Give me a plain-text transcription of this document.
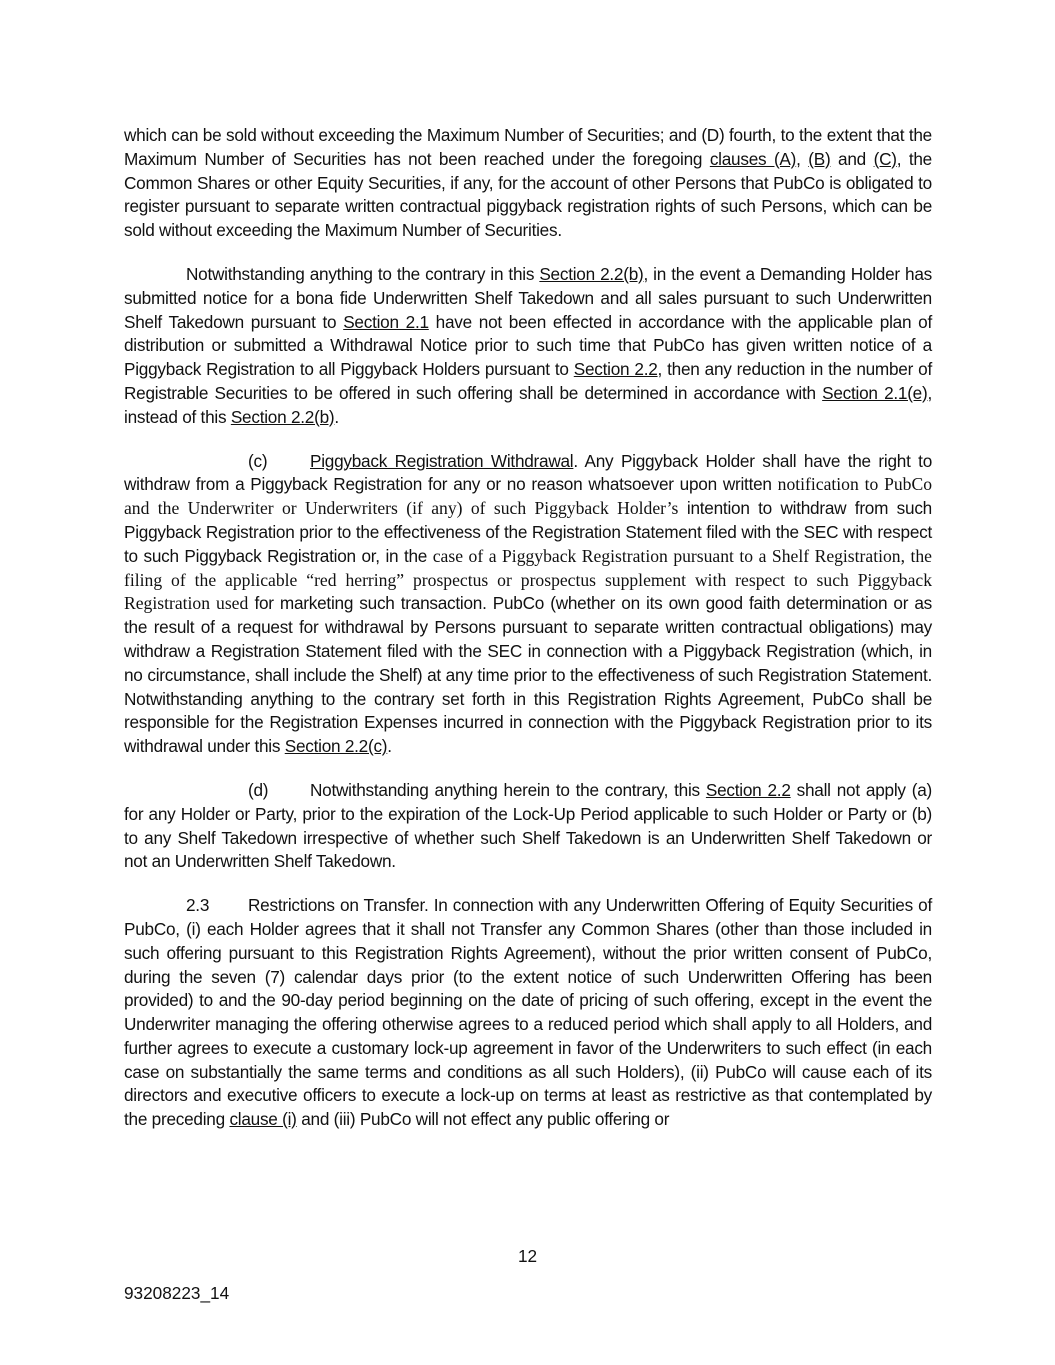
which can be sold without exceeding the Maximum Number of Securities; and (D) fourth, to the extent that the Maximum Number of Securities has not been reached under the foregoing clauses (A), (B) and (C), the Common Shares or other Equity Securities, if any, for the account of other Persons that PubCo is obligated to register pursuant to separate written contractual piggyback registration rights of such Persons, which can be sold without exceeding the Maximum Number of Securities.

Notwithstanding anything to the contrary in this Section 2.2(b), in the event a Demanding Holder has submitted notice for a bona fide Underwritten Shelf Takedown and all sales pursuant to such Underwritten Shelf Takedown pursuant to Section 2.1 have not been effected in accordance with the applicable plan of distribution or submitted a Withdrawal Notice prior to such time that PubCo has given written notice of a Piggyback Registration to all Piggyback Holders pursuant to Section 2.2, then any reduction in the number of Registrable Securities to be offered in such offering shall be determined in accordance with Section 2.1(e), instead of this Section 2.2(b).

(c) Piggyback Registration Withdrawal. Any Piggyback Holder shall have the right to withdraw from a Piggyback Registration for any or no reason whatsoever upon written notification to PubCo and the Underwriter or Underwriters (if any) of such Piggyback Holder’s intention to withdraw from such Piggyback Registration prior to the effectiveness of the Registration Statement filed with the SEC with respect to such Piggyback Registration or, in the case of a Piggyback Registration pursuant to a Shelf Registration, the filing of the applicable “red herring” prospectus or prospectus supplement with respect to such Piggyback Registration used for marketing such transaction. PubCo (whether on its own good faith determination or as the result of a request for withdrawal by Persons pursuant to separate written contractual obligations) may withdraw a Registration Statement filed with the SEC in connection with a Piggyback Registration (which, in no circumstance, shall include the Shelf) at any time prior to the effectiveness of such Registration Statement. Notwithstanding anything to the contrary set forth in this Registration Rights Agreement, PubCo shall be responsible for the Registration Expenses incurred in connection with the Piggyback Registration prior to its withdrawal under this Section 2.2(c).

(d) Notwithstanding anything herein to the contrary, this Section 2.2 shall not apply (a) for any Holder or Party, prior to the expiration of the Lock-Up Period applicable to such Holder or Party or (b) to any Shelf Takedown irrespective of whether such Shelf Takedown is an Underwritten Shelf Takedown or not an Underwritten Shelf Takedown.

2.3 Restrictions on Transfer. In connection with any Underwritten Offering of Equity Securities of PubCo, (i) each Holder agrees that it shall not Transfer any Common Shares (other than those included in such offering pursuant to this Registration Rights Agreement), without the prior written consent of PubCo, during the seven (7) calendar days prior (to the extent notice of such Underwritten Offering has been provided) to and the 90-day period beginning on the date of pricing of such offering, except in the event the Underwriter managing the offering otherwise agrees to a reduced period which shall apply to all Holders, and further agrees to execute a customary lock-up agreement in favor of the Underwriters to such effect (in each case on substantially the same terms and conditions as all such Holders), (ii) PubCo will cause each of its directors and executive officers to execute a lock-up on terms at least as restrictive as that contemplated by the preceding clause (i) and (iii) PubCo will not effect any public offering or

12
93208223_14
